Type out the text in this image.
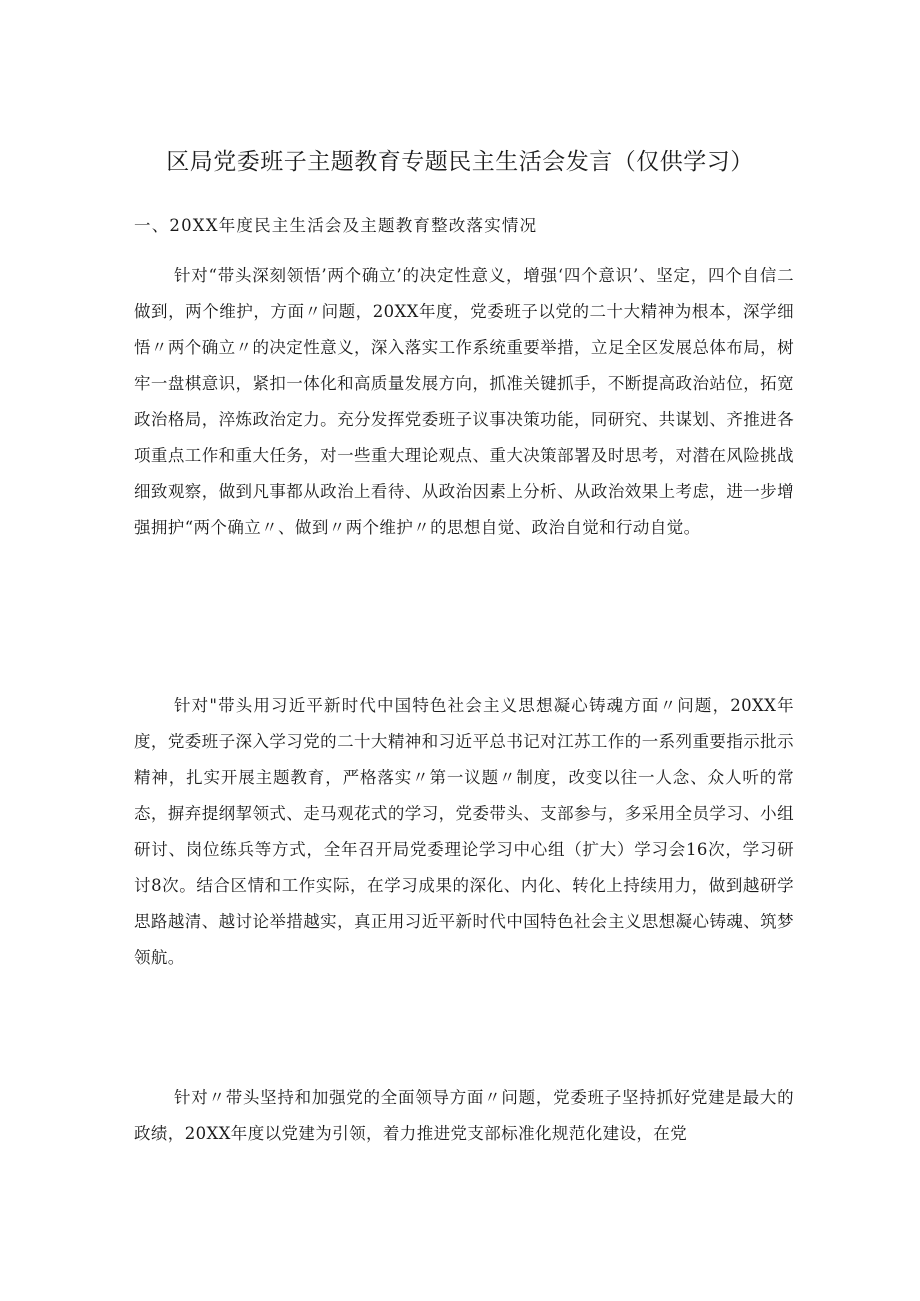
区局党委班子主题教育专题民主生活会发言（仅供学习）

一、20XX年度民主生活会及主题教育整改落实情况

针对“带头深刻领悟’两个确立’的决定性意义，增强‘四个意识’、坚定，四个自信二做到，两个维护，方面〃问题，20XX年度，党委班子以党的二十大精神为根本，深学细悟〃两个确立〃的决定性意义，深入落实工作系统重要举措，立足全区发展总体布局，树牢一盘棋意识，紧扣一体化和高质量发展方向，抓准关键抓手，不断提高政治站位，拓宽政治格局，淬炼政治定力。充分发挥党委班子议事决策功能，同研究、共谋划、齐推进各项重点工作和重大任务，对一些重大理论观点、重大决策部署及时思考，对潜在风险挑战细致观察，做到凡事都从政治上看待、从政治因素上分析、从政治效果上考虑，进一步增强拥护“两个确立〃、做到〃两个维护〃的思想自觉、政治自觉和行动自觉。

针对"带头用习近平新时代中国特色社会主义思想凝心铸魂方面〃问题，20XX年度，党委班子深入学习党的二十大精神和习近平总书记对江苏工作的一系列重要指示批示精神，扎实开展主题教育，严格落实〃第一议题〃制度，改变以往一人念、众人听的常态，摒弃提纲挈领式、走马观花式的学习，党委带头、支部参与，多采用全员学习、小组研讨、岗位练兵等方式，全年召开局党委理论学习中心组（扩大）学习会16次，学习研讨8次。结合区情和工作实际，在学习成果的深化、内化、转化上持续用力，做到越研学思路越清、越讨论举措越实，真正用习近平新时代中国特色社会主义思想凝心铸魂、筑梦领航。

针对〃带头坚持和加强党的全面领导方面〃问题，党委班子坚持抓好党建是最大的政绩，20XX年度以党建为引领，着力推进党支部标准化规范化建设，在党
